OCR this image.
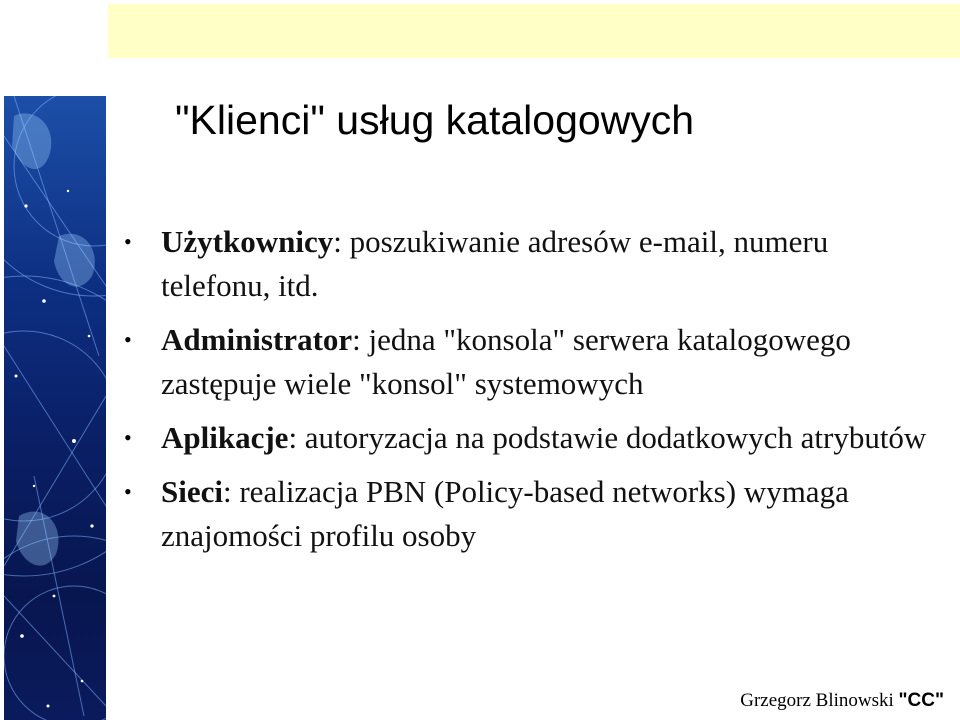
"Klienci" usług katalogowych
• Użytkownicy: poszukiwanie adresów e-mail, numeru telefonu, itd.
• Administrator: jedna "konsola" serwera katalogowego zastępuje wiele "konsol" systemowych
• Aplikacje: autoryzacja na podstawie dodatkowych atrybutów
• Sieci: realizacja PBN (Policy-based networks) wymaga znajomości profilu osoby
Grzegorz Blinowski "CC"
